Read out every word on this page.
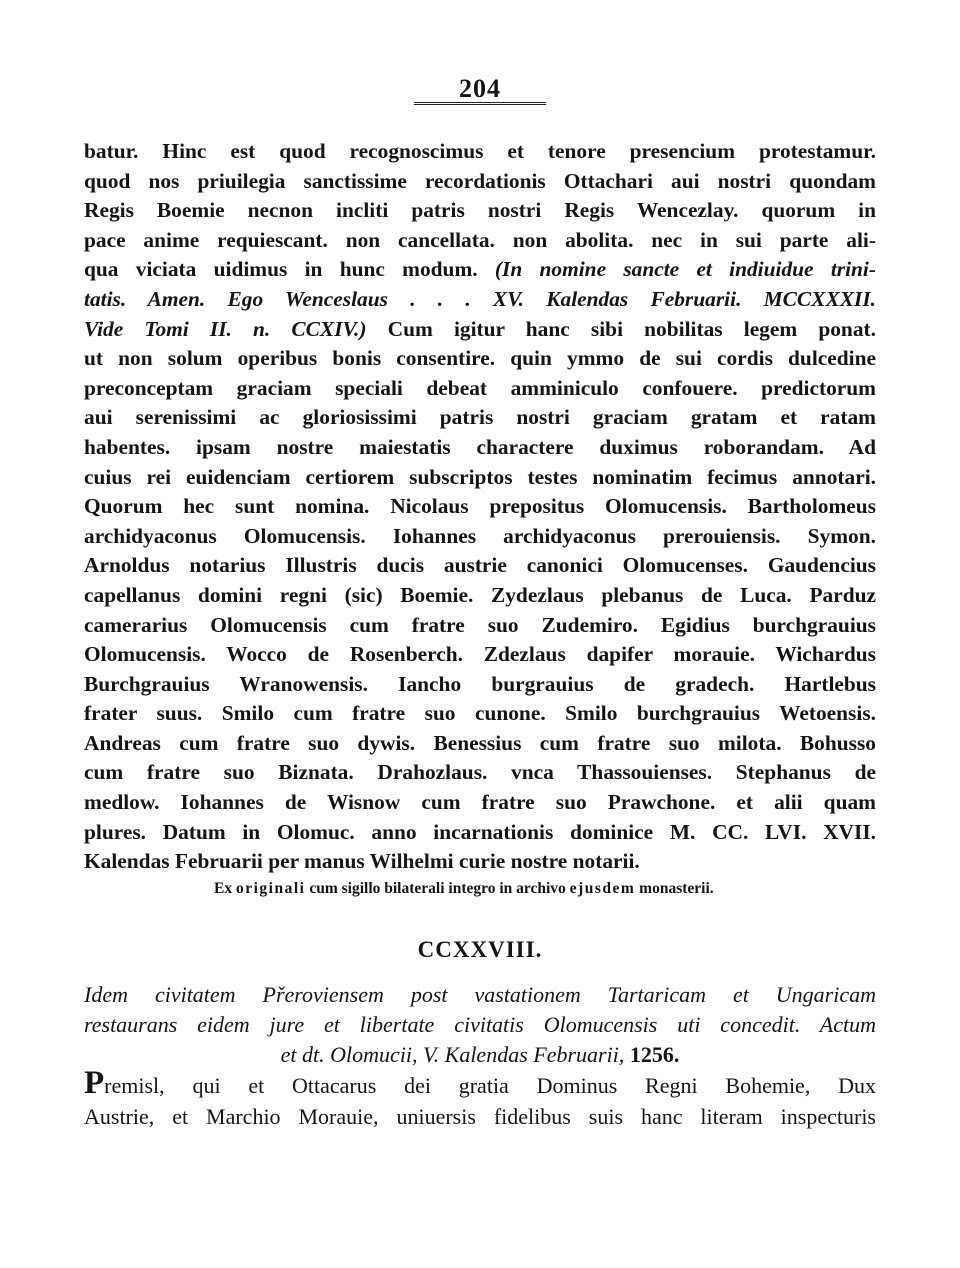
204
batur. Hinc est quod recognoscimus et tenore presencium protestamur.
quod nos priuilegia sanctissime recordationis Ottachari aui nostri quondam
Regis Boemie necnon incliti patris nostri Regis Wencezlay. quorum in
pace anime requiescant. non cancellata. non abolita. nec in sui parte ali-
qua viciata uidimus in hunc modum. (In nomine sancte et indiuidue trini-
tatis. Amen. Ego Wenceslaus . . . XV. Kalendas Februarii. MCCXXXII.
Vide Tomi II. n. CCXIV.) Cum igitur hanc sibi nobilitas legem ponat.
ut non solum operibus bonis consentire. quin ymmo de sui cordis dulcedine
preconceptam graciam speciali debeat amminiculo confouere. predictorum
aui serenissimi ac gloriosissimi patris nostri graciam gratam et ratam
habentes. ipsam nostre maiestatis charactere duximus roborandam. Ad
cuius rei euidenciam certiorem subscriptos testes nominatim fecimus annotari.
Quorum hec sunt nomina. Nicolaus prepositus Olomucensis. Bartholomeus
archidyaconus Olomucensis. Iohannes archidyaconus prerouiensis. Symon.
Arnoldus notarius Illustris ducis austrie canonici Olomucenses. Gaudencius
capellanus domini regni (sic) Boemie. Zydezlaus plebanus de Luca. Parduz
camerarius Olomucensis cum fratre suo Zudemiro. Egidius burchgrauius
Olomucensis. Wocco de Rosenberch. Zdezlaus dapifer morauie. Wichardus
Burchgrauius Wranowensis. Iancho burgrauius de gradech. Hartlebus
frater suus. Smilo cum fratre suo cunone. Smilo burchgrauius Wetoensis.
Andreas cum fratre suo dywis. Benessius cum fratre suo milota. Bohusso
cum fratre suo Biznata. Drahozlaus. vnca Thassouienses. Stephanus de
medlow. Iohannes de Wisnow cum fratre suo Prawchone. et alii quam
plures. Datum in Olomuc. anno incarnationis dominice M. CC. LVI. XVII.
Kalendas Februarii per manus Wilhelmi curie nostre notarii.
Ex originali cum sigillo bilaterali integro in archivo ejusdem monasterii.
CCXXVIII.
Idem civitatem Přeroviensem post vastationem Tartaricam et Ungaricam
restaurans eidem jure et libertate civitatis Olomucensis uti concedit. Actum
et dt. Olomucii, V. Kalendas Februarii, 1256.
Premisl, qui et Ottacarus dei gratia Dominus Regni Bohemie, Dux
Austrie, et Marchio Morauie, uniuersis fidelibus suis hanc literam inspecturis
